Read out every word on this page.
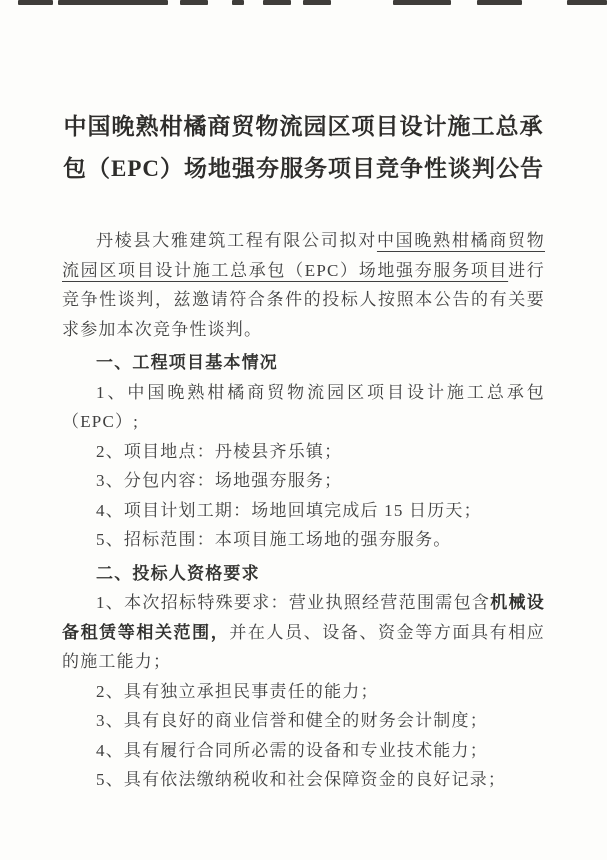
中国晚熟柑橘商贸物流园区项目设计施工总承
包（EPC）场地强夯服务项目竞争性谈判公告

丹棱县大雅建筑工程有限公司拟对中国晚熟柑橘商贸物流园区项目设计施工总承包（EPC）场地强夯服务项目进行竞争性谈判，兹邀请符合条件的投标人按照本公告的有关要求参加本次竞争性谈判。

一、工程项目基本情况

1、中国晚熟柑橘商贸物流园区项目设计施工总承包（EPC）;

2、项目地点：丹棱县齐乐镇；

3、分包内容：场地强夯服务；

4、项目计划工期：场地回填完成后 15 日历天；

5、招标范围：本项目施工场地的强夯服务。

二、投标人资格要求

1、本次招标特殊要求：营业执照经营范围需包含机械设备租赁等相关范围，并在人员、设备、资金等方面具有相应的施工能力；

2、具有独立承担民事责任的能力；

3、具有良好的商业信誉和健全的财务会计制度；

4、具有履行合同所必需的设备和专业技术能力；

5、具有依法缴纳税收和社会保障资金的良好记录；
